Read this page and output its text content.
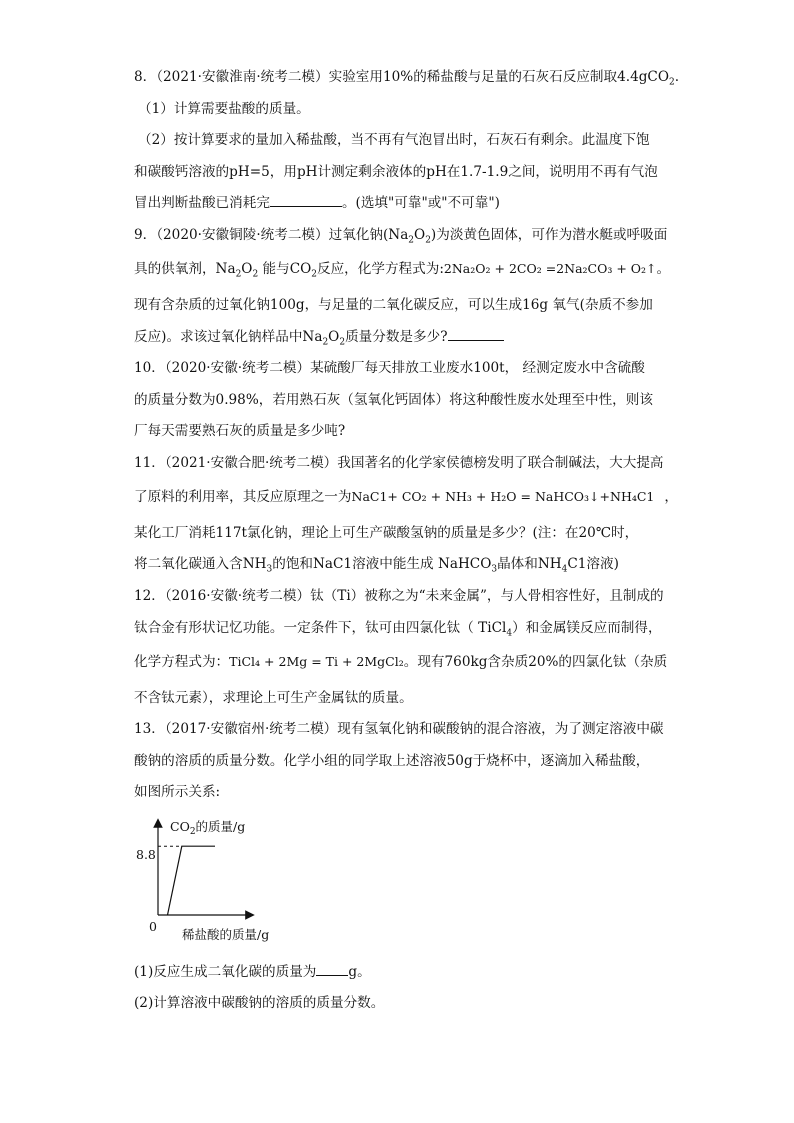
8．（2021·安徽淮南·统考二模）实验室用10%的稀盐酸与足量的石灰石反应制取4.4gCO$_2$.
（1）计算需要盐酸的质量。
（2）按计算要求的量加入稀盐酸，当不再有气泡冒出时，石灰石有剩余。此温度下饱
和碳酸钙溶液的pH=5，用pH计测定剩余液体的pH在1.7-1.9之间，说明用不再有气泡
冒出判断盐酸已消耗完	。(选填"可靠"或"不可靠")
9．（2020·安徽铜陵·统考二模）过氧化钠$(Na_2O_2)$为淡黄色固体，可作为潜水艇或呼吸面
具的供氧剂，$Na_2O_2$ 能与$CO_2$反应，化学方程式为:2Na₂O₂ + 2CO₂ =2Na₂CO₃ + O₂↑。
现有含杂质的过氧化钠100g，与足量的二氧化碳反应，可以生成16g 氧气(杂质不参加
反应)。求该过氧化钠样品中$Na_2O_2$质量分数是多少?
10．（2020·安徽·统考二模）某硫酸厂每天排放工业废水100t， 经测定废水中含硫酸
的质量分数为0.98%，若用熟石灰（氢氧化钙固体）将这种酸性废水处理至中性，则该
厂每天需要熟石灰的质量是多少吨?
11．（2021·安徽合肥·统考二模）我国著名的化学家侯德榜发明了联合制碱法，大大提高
了原料的利用率，其反应原理之一为NaC1+ CO₂ + NH₃ + H₂O = NaHCO₃↓+NH₄C1 ，
某化工厂消耗117t氯化钠，理论上可生产碳酸氢钠的质量是多少？(注：在20℃时，
将二氧化碳通入含$NH_3$的饱和NaC1溶液中能生成 NaHCO$_3$晶体和$NH_4C1$溶液)
12．（2016·安徽·统考二模）钛（Ti）被称之为“未来金属”，与人骨相容性好，且制成的
钛合金有形状记忆功能。一定条件下，钛可由四氯化钛（ TiCl$_4$）和金属镁反应而制得，
化学方程式为：TiCl₄ + 2Mg = Ti + 2MgCl₂。现有760kg含杂质20%的四氯化钛（杂质
不含钛元素），求理论上可生产金属钛的质量。
13．（2017·安徽宿州·统考二模）现有氢氧化钠和碳酸钠的混合溶液，为了测定溶液中碳
酸钠的溶质的质量分数。化学小组的同学取上述溶液50g于烧杯中，逐滴加入稀盐酸，
如图所示关系:
$CO_2$的质量/g
8.8
0
稀盐酸的质量/g
(1)反应生成二氧化碳的质量为 g。
(2)计算溶液中碳酸钠的溶质的质量分数。
